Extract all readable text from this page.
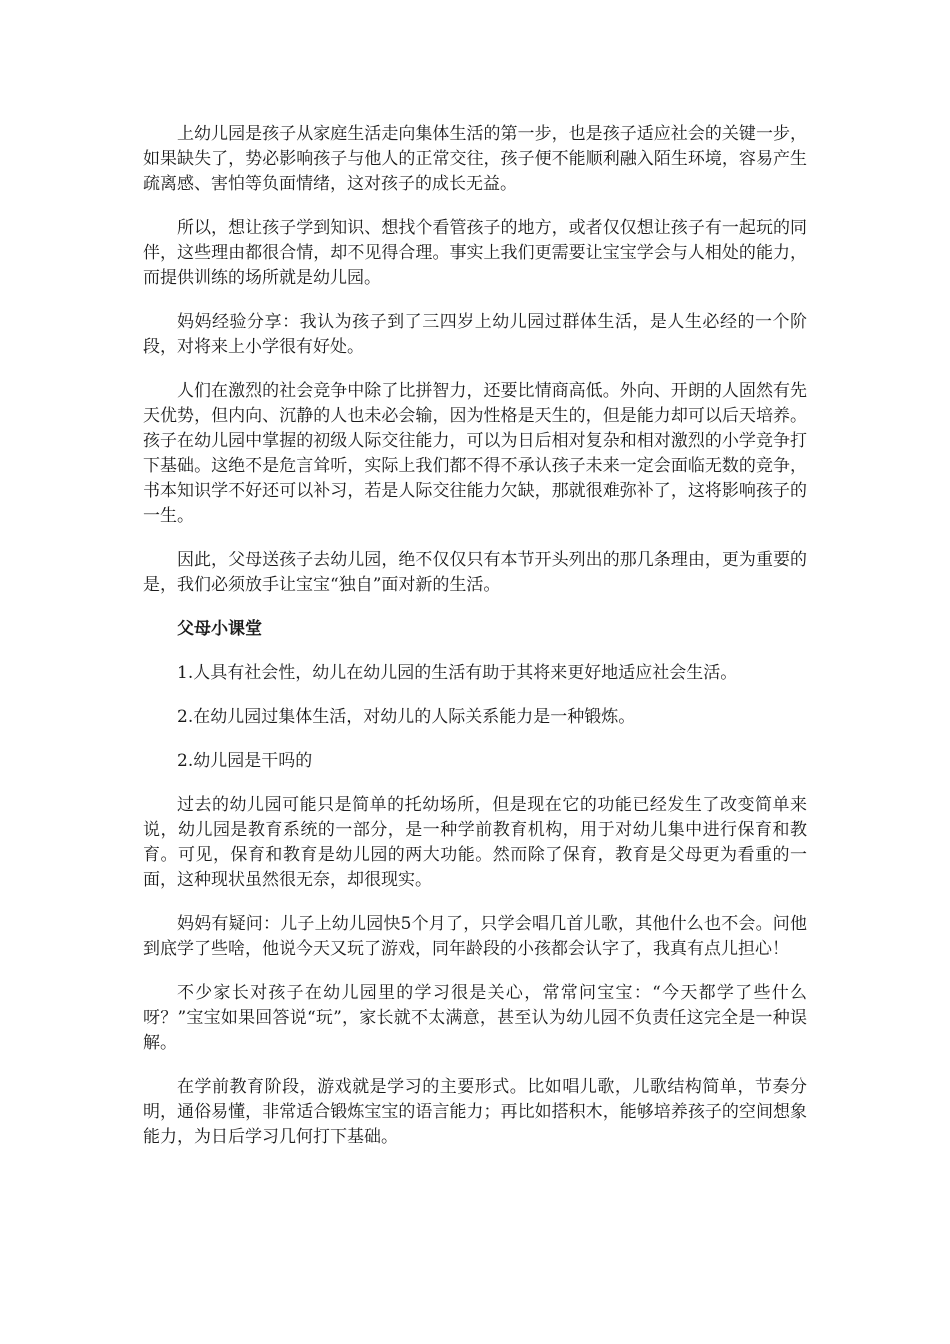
上幼儿园是孩子从家庭生活走向集体生活的第一步，也是孩子适应社会的关键一步，如果缺失了，势必影响孩子与他人的正常交往，孩子便不能顺利融入陌生环境，容易产生疏离感、害怕等负面情绪，这对孩子的成长无益。

所以，想让孩子学到知识、想找个看管孩子的地方，或者仅仅想让孩子有一起玩的同伴，这些理由都很合情，却不见得合理。事实上我们更需要让宝宝学会与人相处的能力，而提供训练的场所就是幼儿园。

妈妈经验分享：我认为孩子到了三四岁上幼儿园过群体生活，是人生必经的一个阶段，对将来上小学很有好处。

人们在激烈的社会竞争中除了比拼智力，还要比情商高低。外向、开朗的人固然有先天优势，但内向、沉静的人也未必会输，因为性格是天生的，但是能力却可以后天培养。孩子在幼儿园中掌握的初级人际交往能力，可以为日后相对复杂和相对激烈的小学竞争打下基础。这绝不是危言耸听，实际上我们都不得不承认孩子未来一定会面临无数的竞争，书本知识学不好还可以补习，若是人际交往能力欠缺，那就很难弥补了，这将影响孩子的一生。

因此，父母送孩子去幼儿园，绝不仅仅只有本节开头列出的那几条理由，更为重要的是，我们必须放手让宝宝“独自”面对新的生活。

父母小课堂

1.人具有社会性，幼儿在幼儿园的生活有助于其将来更好地适应社会生活。

2.在幼儿园过集体生活，对幼儿的人际关系能力是一种锻炼。

2.幼儿园是干吗的

过去的幼儿园可能只是简单的托幼场所，但是现在它的功能已经发生了改变简单来说，幼儿园是教育系统的一部分，是一种学前教育机构，用于对幼儿集中进行保育和教育。可见，保育和教育是幼儿园的两大功能。然而除了保育，教育是父母更为看重的一面，这种现状虽然很无奈，却很现实。

妈妈有疑问：儿子上幼儿园快5个月了，只学会唱几首儿歌，其他什么也不会。问他到底学了些啥，他说今天又玩了游戏，同年龄段的小孩都会认字了，我真有点儿担心！

不少家长对孩子在幼儿园里的学习很是关心，常常问宝宝：“今天都学了些什么呀？”宝宝如果回答说“玩”，家长就不太满意，甚至认为幼儿园不负责任这完全是一种误解。

在学前教育阶段，游戏就是学习的主要形式。比如唱儿歌，儿歌结构简单，节奏分明，通俗易懂，非常适合锻炼宝宝的语言能力；再比如搭积木，能够培养孩子的空间想象能力，为日后学习几何打下基础。
